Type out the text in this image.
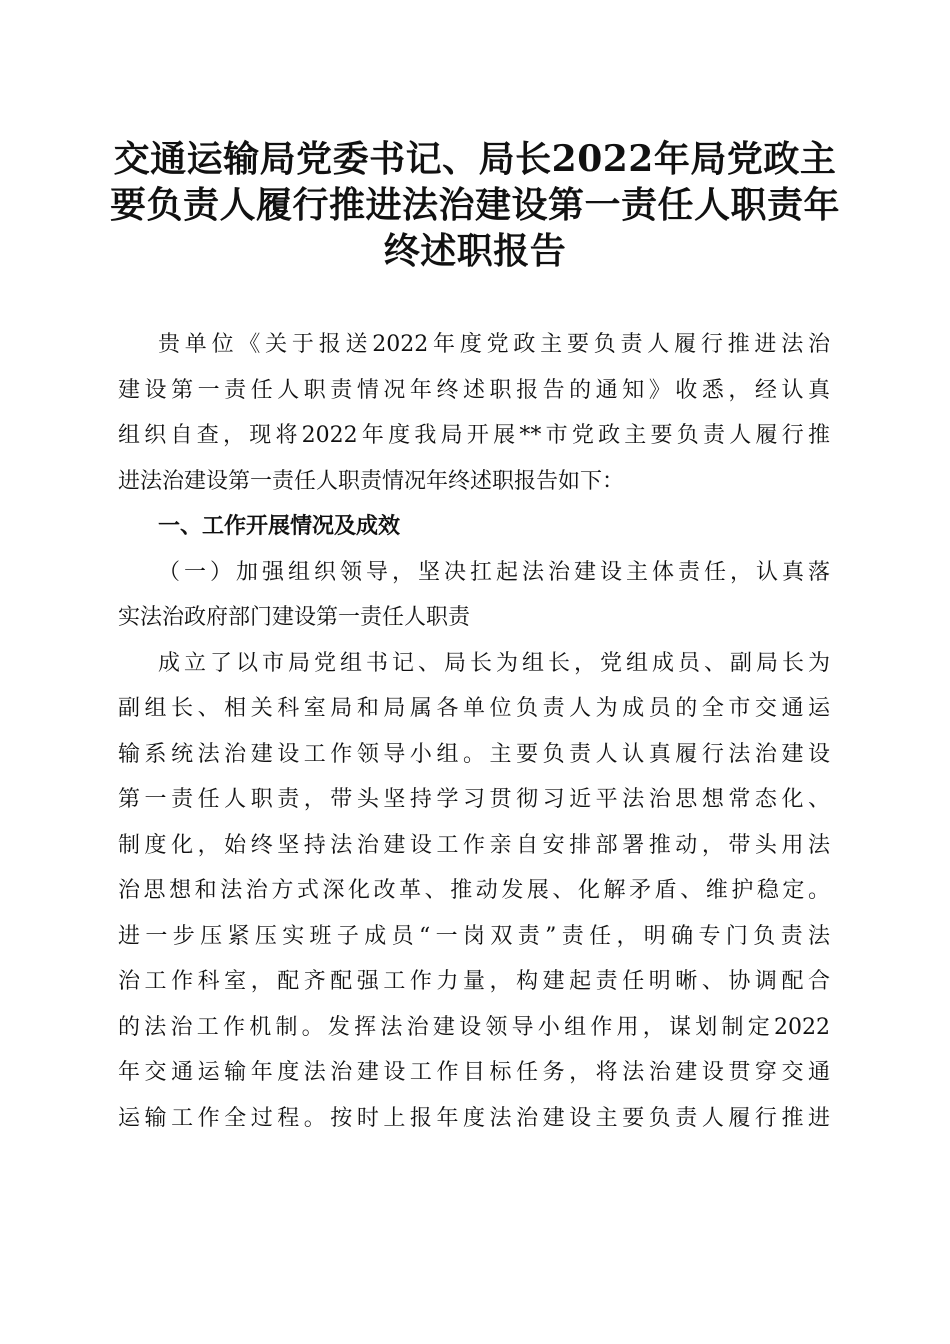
交通运输局党委书记、局长2022年局党政主
要负责人履行推进法治建设第一责任人职责年
终述职报告
贵单位《关于报送2022年度党政主要负责人履行推进法治
建设第一责任人职责情况年终述职报告的通知》收悉，经认真
组织自查，现将2022年度我局开展**市党政主要负责人履行推
进法治建设第一责任人职责情况年终述职报告如下：
一、工作开展情况及成效
（一）加强组织领导，坚决扛起法治建设主体责任，认真落
实法治政府部门建设第一责任人职责
成立了以市局党组书记、局长为组长，党组成员、副局长为
副组长、相关科室局和局属各单位负责人为成员的全市交通运
输系统法治建设工作领导小组。主要负责人认真履行法治建设
第一责任人职责，带头坚持学习贯彻习近平法治思想常态化、
制度化，始终坚持法治建设工作亲自安排部署推动，带头用法
治思想和法治方式深化改革、推动发展、化解矛盾、维护稳定。
进一步压紧压实班子成员“一岗双责”责任，明确专门负责法
治工作科室，配齐配强工作力量，构建起责任明晰、协调配合
的法治工作机制。发挥法治建设领导小组作用，谋划制定2022
年交通运输年度法治建设工作目标任务，将法治建设贯穿交通
运输工作全过程。按时上报年度法治建设主要负责人履行推进
